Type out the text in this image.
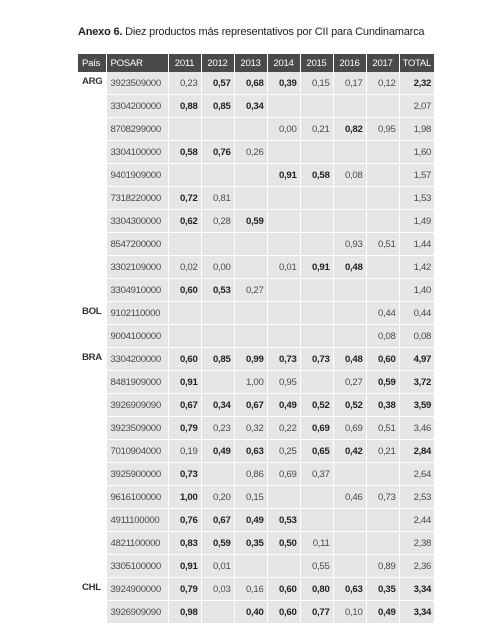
Anexo 6. Diez productos más representativos por CII para Cundinamarca
País	POSAR	2011	2012	2013	2014	2015	2016	2017	TOTAL
ARG	3923509000	0,23	0,57	0,68	0,39	0,15	0,17	0,12	2,32
	3304200000	0,88	0,85	0,34					2,07
	8708299000				0,00	0,21	0,82	0,95	1,98
	3304100000	0,58	0,76	0,26					1,60
	9401909000				0,91	0,58	0,08		1,57
	7318220000	0,72	0,81						1,53
	3304300000	0,62	0,28	0,59					1,49
	8547200000						0,93	0,51	1,44
	3302109000	0,02	0,00		0,01	0,91	0,48		1,42
	3304910000	0,60	0,53	0,27					1,40
BOL	9102110000							0,44	0,44
	9004100000							0,08	0,08
BRA	3304200000	0,60	0,85	0,99	0,73	0,73	0,48	0,60	4,97
	8481909000	0,91		1,00	0,95		0,27	0,59	3,72
	3926909090	0,67	0,34	0,67	0,49	0,52	0,52	0,38	3,59
	3923509000	0,79	0,23	0,32	0,22	0,69	0,69	0,51	3,46
	7010904000	0,19	0,49	0,63	0,25	0,65	0,42	0,21	2,84
	3925900000	0,73		0,86	0,69	0,37			2,64
	9616100000	1,00	0,20	0,15			0,46	0,73	2,53
	4911100000	0,76	0,67	0,49	0,53				2,44
	4821100000	0,83	0,59	0,35	0,50	0,11			2,38
	3305100000	0,91	0,01			0,55		0,89	2,36
CHL	3924900000	0,79	0,03	0,16	0,60	0,80	0,63	0,35	3,34
	3926909090	0,98		0,40	0,60	0,77	0,10	0,49	3,34
